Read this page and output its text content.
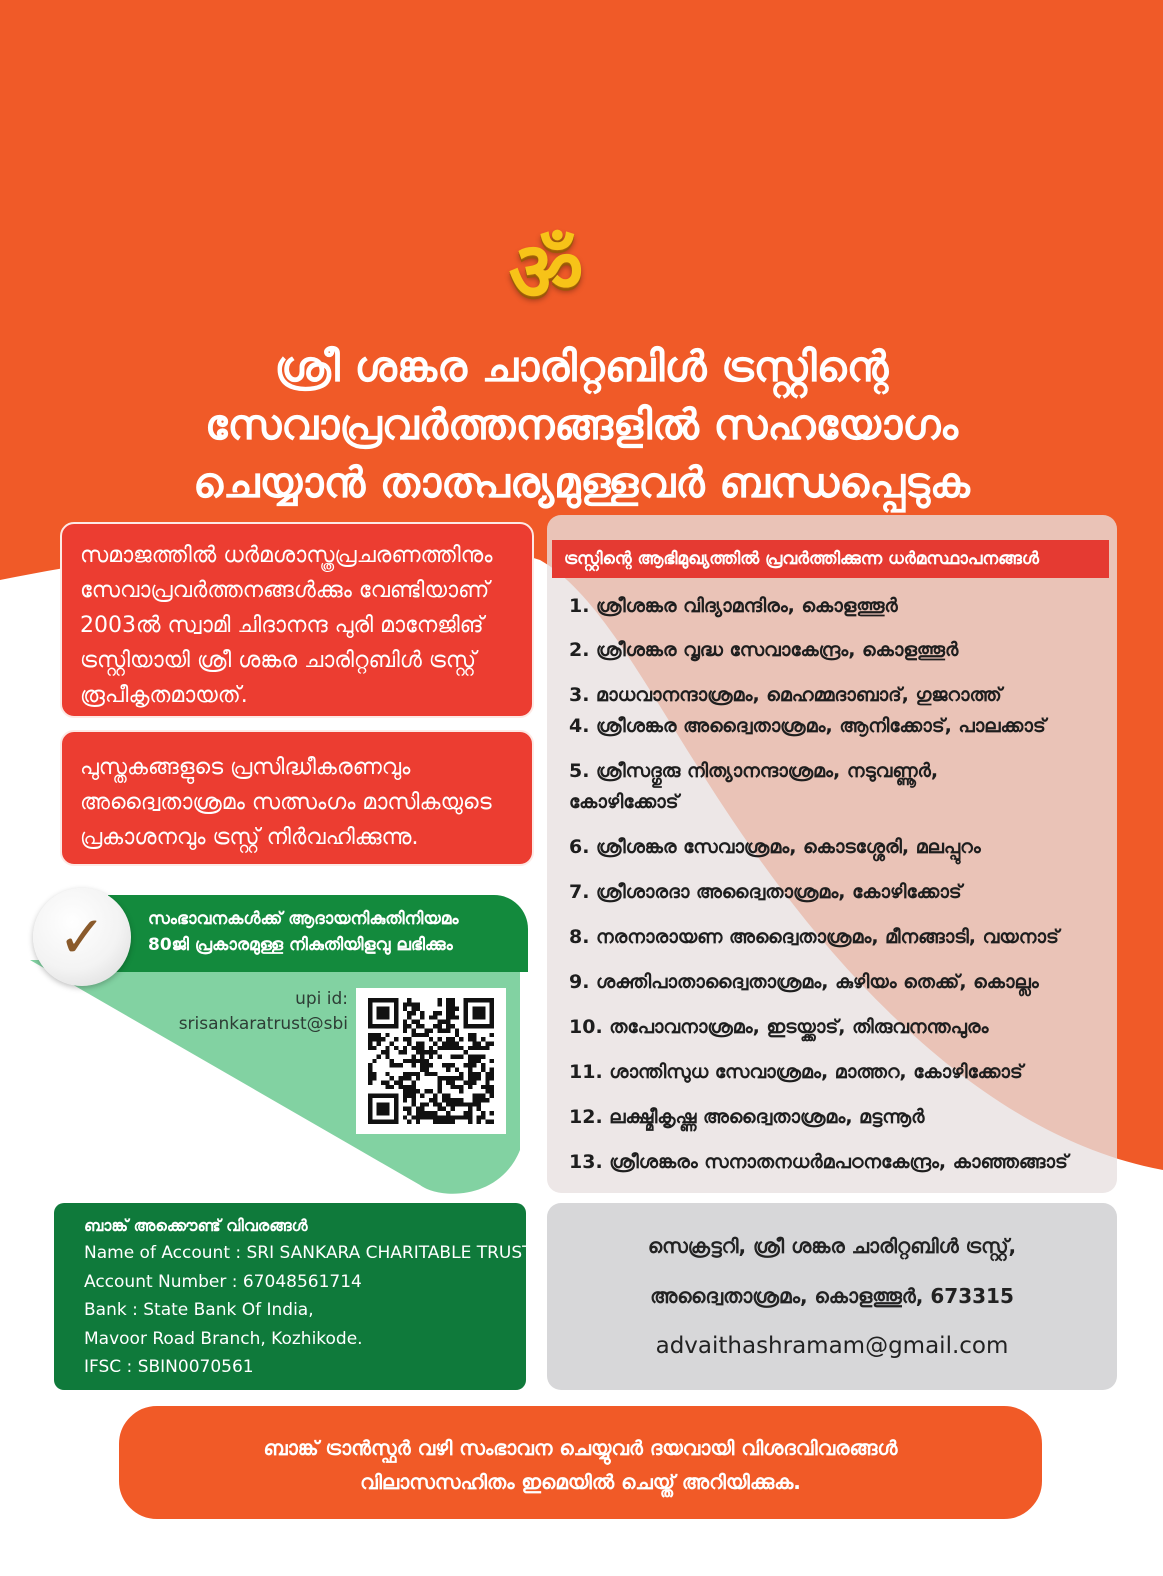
ॐ
ശ്രീ ശങ്കര ചാരിറ്റബിൾ ട്രസ്റ്റിന്റെ
സേവാപ്രവർത്തനങ്ങളിൽ സഹയോഗം
ചെയ്യാൻ താത്പര്യമുള്ളവർ ബന്ധപ്പെടുക
സമാജത്തിൽ ധർമശാസ്ത്രപ്രചരണത്തിനും
സേവാപ്രവർത്തനങ്ങൾക്കും വേണ്ടിയാണ്
2003ൽ സ്വാമി ചിദാനന്ദ പുരി മാനേജിങ്
ട്രസ്റ്റിയായി ശ്രീ ശങ്കര ചാരിറ്റബിൾ ട്രസ്റ്റ്
രൂപീകൃതമായത്.
പുസ്തകങ്ങളുടെ പ്രസിദ്ധീകരണവും
അദ്വൈതാശ്രമം സത്സംഗം മാസികയുടെ
പ്രകാശനവും ട്രസ്റ്റ് നിർവഹിക്കുന്നു.
സംഭാവനകൾക്ക് ആദായനികുതിനിയമം
80ജി പ്രകാരമുള്ള നികുതിയിളവു ലഭിക്കും
✓
upi id:
srisankaratrust@sbi
ബാങ്ക് അക്കൌണ്ട് വിവരങ്ങൾ
Name of Account : SRI SANKARA CHARITABLE TRUST
Account Number : 67048561714
Bank : State Bank Of India,
Mavoor Road Branch, Kozhikode.
IFSC : SBIN0070561
ട്രസ്റ്റിന്റെ ആഭിമുഖ്യത്തിൽ പ്രവർത്തിക്കുന്ന ധർമസ്ഥാപനങ്ങൾ
1. ശ്രീശങ്കര വിദ്യാമന്ദിരം, കൊളത്തൂർ
2. ശ്രീശങ്കര വൃദ്ധ സേവാകേന്ദ്രം, കൊളത്തൂർ
3. മാധവാനന്ദാശ്രമം, മെഹമ്മദാബാദ്, ഗുജറാത്ത്
4. ശ്രീശങ്കര അദ്വൈതാശ്രമം, ആനിക്കോട്, പാലക്കാട്
5. ശ്രീസദ്ഗുരു നിത്യാനന്ദാശ്രമം, നടുവണ്ണൂർ,
കോഴിക്കോട്
6. ശ്രീശങ്കര സേവാശ്രമം, കൊടശ്ശേരി, മലപ്പുറം
7. ശ്രീശാരദാ അദ്വൈതാശ്രമം, കോഴിക്കോട്
8. നരനാരായണ അദ്വൈതാശ്രമം, മീനങ്ങാടി, വയനാട്
9. ശക്തിപാതാദ്വൈതാശ്രമം, കുഴിയം തെക്ക്, കൊല്ലം
10. തപോവനാശ്രമം, ഇടയ്ക്കാട്, തിരുവനന്തപുരം
11. ശാന്തിസുധ സേവാശ്രമം, മാത്തറ, കോഴിക്കോട്
12. ലക്ഷ്മീകൃഷ്ണ അദ്വൈതാശ്രമം, മട്ടന്നൂർ
13. ശ്രീശങ്കരം സനാതനധർമപഠനകേന്ദ്രം, കാഞ്ഞങ്ങാട്
സെക്രട്ടറി, ശ്രീ ശങ്കര ചാരിറ്റബിൾ ട്രസ്റ്റ്,
അദ്വൈതാശ്രമം, കൊളത്തൂർ, 673315
advaithashramam@gmail.com
ബാങ്ക് ട്രാൻസ്ഫർ വഴി സംഭാവന ചെയ്യുവർ ദയവായി വിശദവിവരങ്ങൾ
വിലാസസഹിതം ഇമെയിൽ ചെയ്ത് അറിയിക്കുക.
